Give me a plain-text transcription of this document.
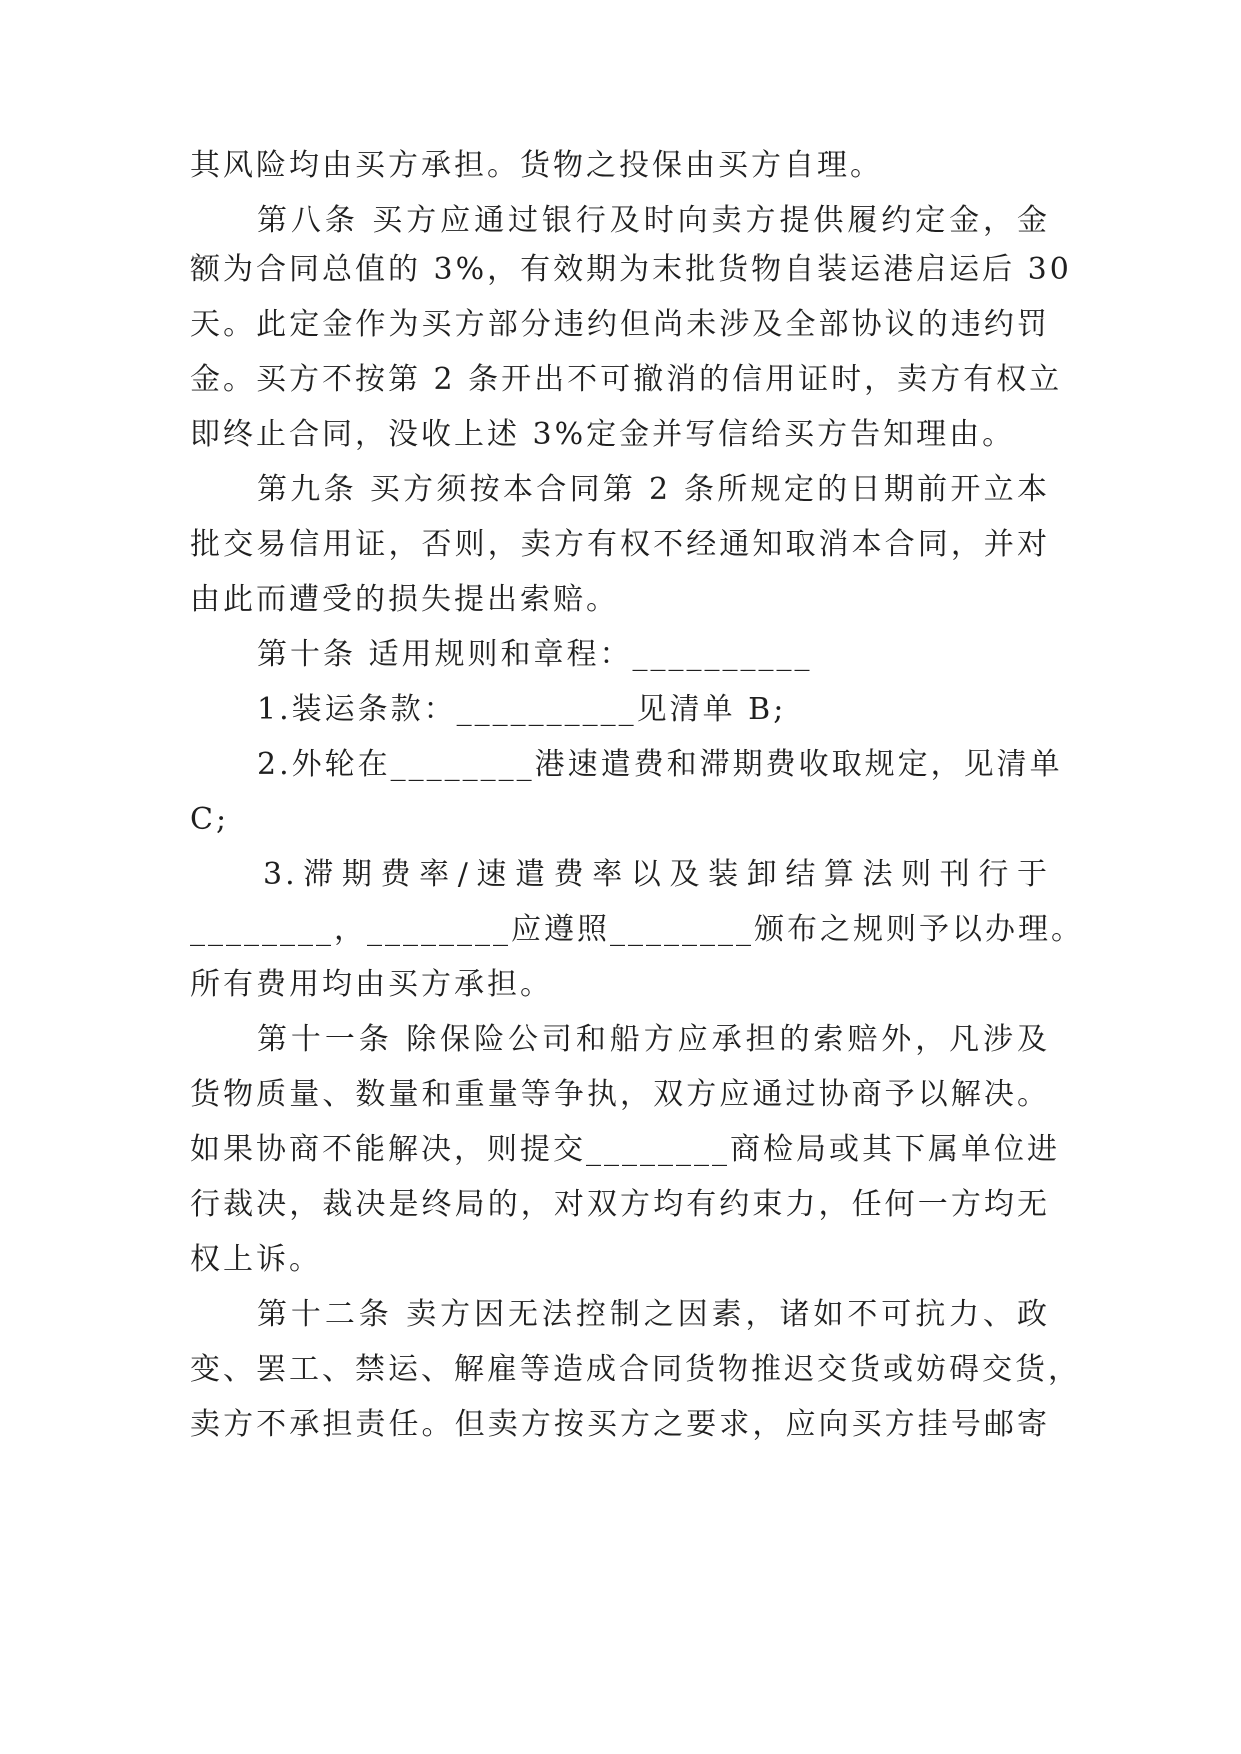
其风险均由买方承担。货物之投保由买方自理。
第八条 买方应通过银行及时向卖方提供履约定金，金
额为合同总值的 3%，有效期为末批货物自装运港启运后 30
天。此定金作为买方部分违约但尚未涉及全部协议的违约罚
金。买方不按第 2 条开出不可撤消的信用证时，卖方有权立
即终止合同，没收上述 3%定金并写信给买方告知理由。
第九条 买方须按本合同第 2 条所规定的日期前开立本
批交易信用证，否则，卖方有权不经通知取消本合同，并对
由此而遭受的损失提出索赔。
第十条 适用规则和章程：__________
1.装运条款：__________见清单 B;
2.外轮在________港速遣费和滞期费收取规定，见清单
C;
3.滞期费率/速遣费率以及装卸结算法则刊行于
________，________应遵照________颁布之规则予以办理。
所有费用均由买方承担。
第十一条 除保险公司和船方应承担的索赔外，凡涉及
货物质量、数量和重量等争执，双方应通过协商予以解决。
如果协商不能解决，则提交________商检局或其下属单位进
行裁决，裁决是终局的，对双方均有约束力，任何一方均无
权上诉。
第十二条 卖方因无法控制之因素，诸如不可抗力、政
变、罢工、禁运、解雇等造成合同货物推迟交货或妨碍交货，
卖方不承担责任。但卖方按买方之要求，应向买方挂号邮寄
